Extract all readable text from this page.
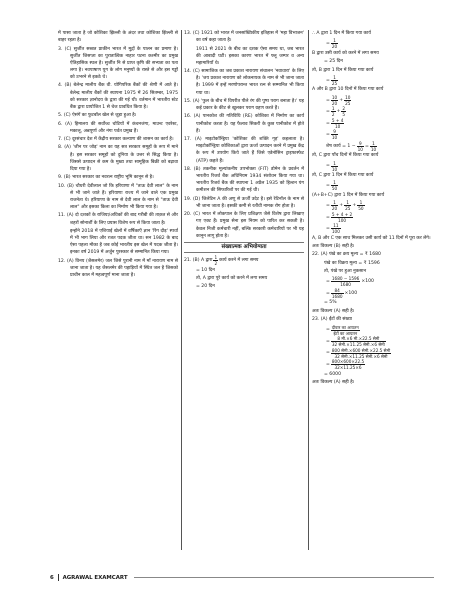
में पासा जाता है जो कोशिका झिल्ली के अंदर तथा कोशिका झिल्ली से बाहर रहता है।

3. (C) सुर्जीत सब्बत प्राकीन भारत में मुद्गों के पालन का प्रमाण है। सुर्जीत जिसप्ता का पुरातात्विक नाहार पटना कश्मीर का प्रमुख ऐतिहासिक स्थल है। सुर्जीत नि से प्राप्त कृषि की सभ्यता का पता लगा है। नवपाषाण युग के लोग मनुष्यों के रास्ते से और इस गड्डों को उभरने से इकठे थे।

4. (B) बेलेन्द्र मालीय बैंक वी. योगिपरिक बैंकों की श्रेणी में आते है। बेलेन्द्र मालीय बैंकों की स्थापना 1975 में 26 सितम्बर, 1975 को सरकार ज्ञानोदय के द्वारा की गई थी। वर्तमान में भारतीय स्टेट बैंक द्वारा प्रायोजित 1 से चेज प्रावधित किया है।

5. (C) ऐसंगें का फुटबॉल खेल से जुड़ा हुआ है।

6. (A) हिमालय की सर्वोच्च चोटियों में कंचनजंगा, माउन्ट एवरेस्ट, मकालू, अन्नपूर्णा और नंगा पर्वत प्रमुख हैं।

7. (C) दूरसंचार देश में केंद्रीय सरकार कल्याण की शासन का कार्य है।

8. (A) 'जीन पर जोड़' नाम का यह सत्र सरकार समूहों के रूप में माने है। इस सरकार समूहों को दुनिया के उत्तर से सिद्ध किया है। जिससे उत्पादन से कम के मुख्य तथा सामूहिक बिक्री को बढ़ावा दिया गया है।

9. (B) भारत सरकार का नवरत्न राष्ट्रीय भूमि कानून से है।

10. (B) चौधरी देवीलाल जो कि हरियाणा में "ताऊ देवी लाल" के नाम से भी जाने जाते हैं। हरियाणा राज्य में जाने वाले एक प्रमुख राजनेता थे। हरियाणा के नाम से देवी लाल के नाम से "ताऊ देवी लाल" और इसका किला का निर्माण भी किया गया है।

11. (A) दो दशकों के राजिया/अधिकों की बाद गरीबी की ताक़त से और शहरों सोनार्शी के लिए प्रयास विशेष रूप से किया जाता है।

इन्होंने 2018 में एशियाई खेलों में वर्षिकाएँ ज्ञान 'रिंग दौड़' स्पर्धा में भी भाग लिया और रजत पदक जीता था। सन 1982 के बाद ऐसा पहला मौका है जब कोई भारतीय इस खेल में पदक जीता है। इनका वर्ष 2019 में अर्जुन पुरस्कार से सम्मानित किया गया।

12. (A) विनय (जैसलमेर) जल जिसे पुरानी नाम में माँ नारायण नाम से जाना जाता है। यह जैसलमेर की पहाड़ियों में स्थित जल है जिसको प्राचीन काल में महत्वपूर्ण माना जाता है।

13. (C) 1921 को भारत में जनसांख्यिकीय इतिहास में 'महा विभाजन' का वर्ष कहा जाता है।

1911 से 2021 के बीच का दशक ऐसा समय था, जब भारत की आबादी घटी। इसका कारण भारत में फ्लू जम्पर व अन्य महामारियाँ थे।

14. (C) सामाजिक का जब प्रकाश नारायण संचालन 'नवाधारा' के लिए है। 'जय प्रकाश नारायण को लोकनायक के नाम से भी जाना जाता है। 1999 में इन्हें मरणोपरान्त भारत रत्न से सम्मानित भी किया गया था।

15. (A) 'फुल के बीच में विपरीत पीले रंग की पुष्प पराग बनाता है।' यह कई प्रकार के कीट से खुलकर पराग ग्रहण करते हैं।

16. (A) पानकोश की गतिविधि (RE) कोशिका में निर्माण का कार्य पानीकोश करता है। यह फैलाव सिकरी के कुछ पानीकोश में होते हैं।

17. (A) माइटोकॉन्ड्रिया 'कोशिका की शक्ति गृह' कहलाता है। माइटोकॉन्ड्रिया कोशिकाओं द्वारा ऊर्जा उत्पादन करने में प्रमुख केंद्र के रूप में उपयोग किये जाते हैं जिसे एडेनोसिन ट्राइफास्फेट (ATP) कहते हैं।

18. (B) तकनीक मूल्यांकनीय उपभोक्ता (FIT) डोमेन के प्रवर्तन में भारतीय रिजर्व बैंक अधिनियम 1934 संशोधन किया गया था। भारतीय रिजर्व बैंक की स्थापना 1 अप्रैल 1935 को हिल्टन यंग कमीशन की सिफारिशों पर की गई थी।

19. (D) जिलेटिन A की अणु से ऊर्जी उदेट है। इसे रेटिनॉल के नाम से भी जाना जाता है। इसकी कमी से रतौंधी नामक रोग होता है।

20. (C) भारत में लोकपाल के लिए प्रशिक्षण जैसे विशेष द्वारा लिखाए गए एक्ट हैं। प्रमुख सेना इस नियम को पारित कर सकती है। केवल निजी कर्मचारी नहीं, बल्कि सरकारी कर्मचारियों पर भी यह कानून लागू होता है।

संख्यात्मक अभियोग्यता
21. (B) A द्वारा $\frac{1}{2}$ कार्य करने में लगा समय

= 10 दिन

तो, A द्वारा पूरे कार्य को करने में लगा समय

= 20 दिन

∴ A द्वारा 1 दिन में किया गया कार्य

= $\frac{1}{20}$

B द्वारा उसी कार्य को करने में लगा समय

= 25 दिन

तो, B द्वारा 1 दिन में किया गया कार्य

= $\frac{1}{25}$

A और B द्वारा 10 दिनों में किया गया कार्य

= $\frac{10}{20} + \frac{10}{25}$
= $\frac{1}{2} + \frac{2}{5}$
= $\frac{5 + 4}{10}$
= $\frac{9}{10}$
शेष कार्य = $1 - \frac{9}{10} = \frac{1}{10}$

तो, C द्वारा पाँच दिनों में किया गया कार्य

= $\frac{1}{10}$

तो, C द्वारा 1 दिन में किया गया कार्य

= $\frac{1}{50}$

(A+B+C) द्वारा 1 दिन में किया गया कार्य

= $\frac{1}{20} + \frac{1}{25} + \frac{1}{50}$
= $\frac{5 + 4 + 2}{100}$
= $\frac{11}{100}$

A, B और C एक साथ मिलकर उसी कार्य को 11 दिनों में पूरा कर लेंगे।

अतः विकल्प (B) सही है।

22. (A) पंखे का क्रय मूल्य = ₹ 1680

पंखे का विक्रय मूल्य = ₹ 1596

तो, पंखे पर हुआ नुकसान

= $\frac{1680 - 1596}{1680} \times 100$
= $\frac{84}{1680} \times 100$

= 5%

अतः विकल्प (A) सही है।

23. (A) ईंटों की संख्या

= $\frac{\text{दीवार का आयतन}}{\text{ईंटों का आयतन}}$
= $\frac{\text{8 मी.×6 मी.×22.5 सेमी}}{\text{32 सेमी.×11.25 सेमी.×6 सेमी}}$
= $\frac{\text{800 सेमी.×600 सेमी.×22.5 सेमी}}{\text{32 सेमी.×11.25 सेमी.×6 सेमी}}$
= $\frac{800\times 600\times 22.5}{32\times 11.25\times 6}$

= 6000

अतः विकल्प (A) सही है।

6 AGRAWAL EXAMCART
